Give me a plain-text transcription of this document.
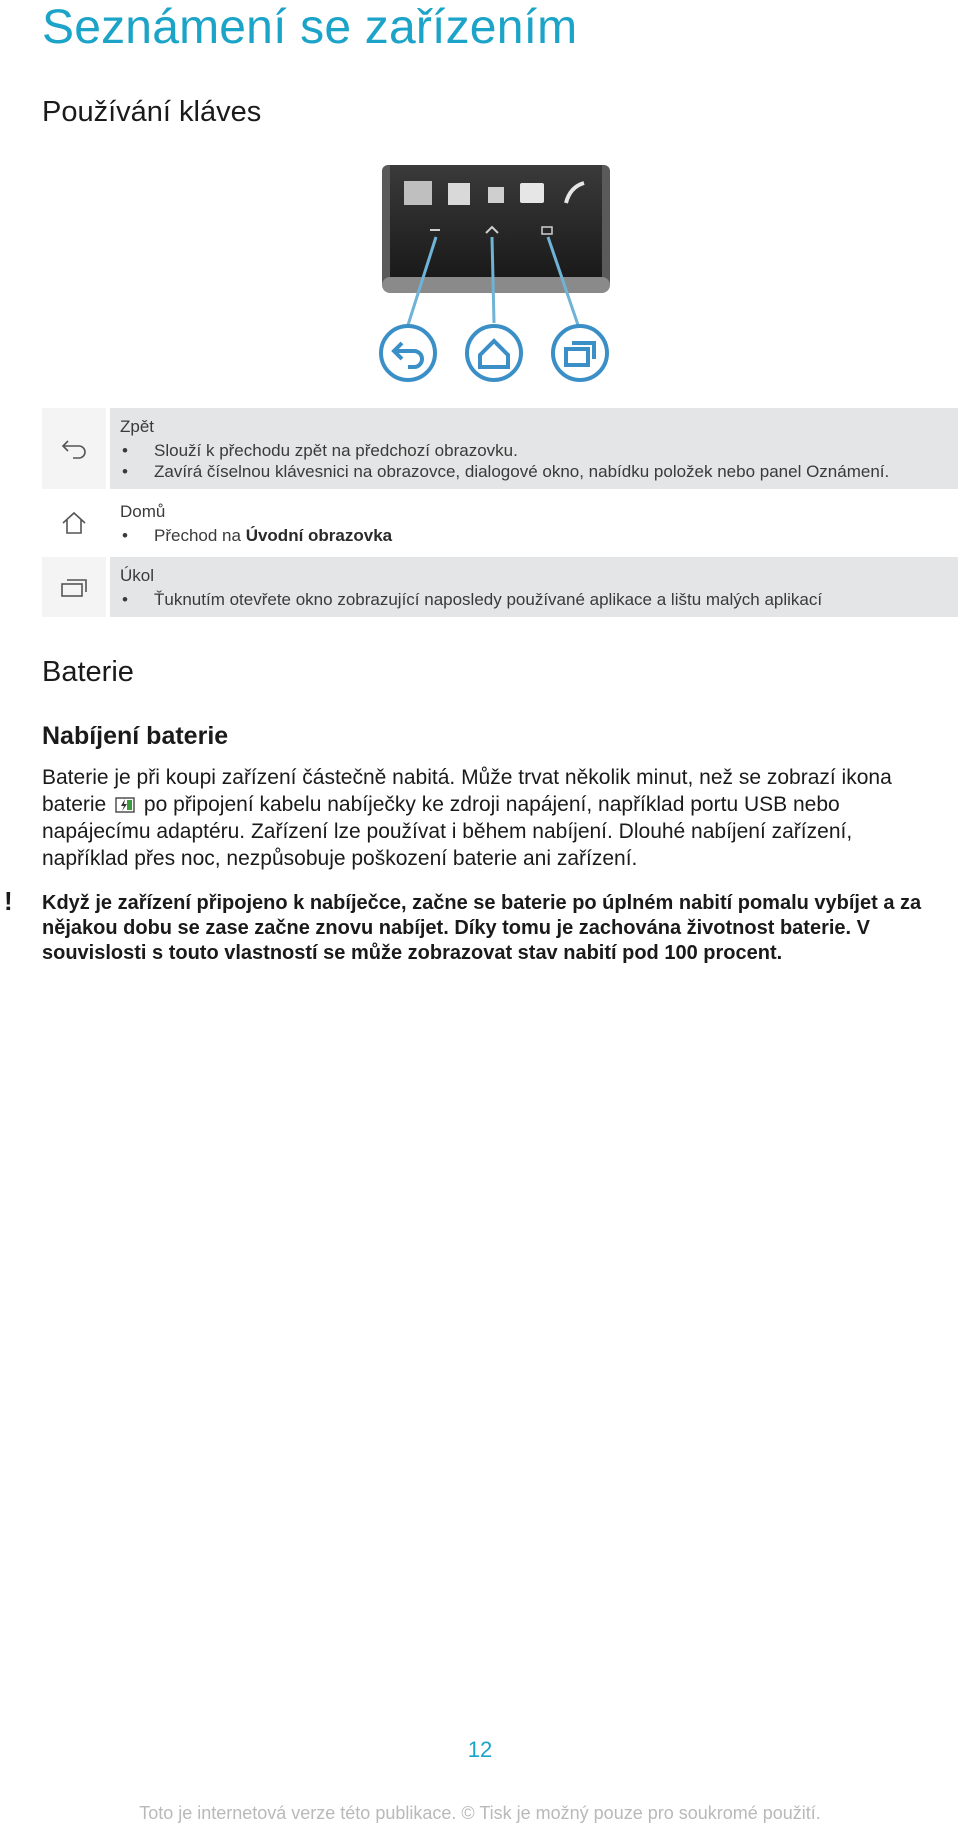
Seznámení se zařízením
Používání kláves
Zpět
•	Slouží k přechodu zpět na předchozí obrazovku.
•	Zavírá číselnou klávesnici na obrazovce, dialogové okno, nabídku položek nebo panel Oznámení.
Domů
•	Přechod na Úvodní obrazovka
Úkol
•	Ťuknutím otevřete okno zobrazující naposledy používané aplikace a lištu malých aplikací
Baterie
Nabíjení baterie

Baterie je při koupi zařízení částečně nabitá. Může trvat několik minut, než se zobrazí ikona baterie po připojení kabelu nabíječky ke zdroji napájení, například portu USB nebo napájecímu adaptéru. Zařízení lze používat i během nabíjení. Dlouhé nabíjení zařízení, například přes noc, nezpůsobuje poškození baterie ani zařízení.

! Když je zařízení připojeno k nabíječce, začne se baterie po úplném nabití pomalu vybíjet a za nějakou dobu se zase začne znovu nabíjet. Díky tomu je zachována životnost baterie. V souvislosti s touto vlastností se může zobrazovat stav nabití pod 100 procent.

12
Toto je internetová verze této publikace. © Tisk je možný pouze pro soukromé použití.
